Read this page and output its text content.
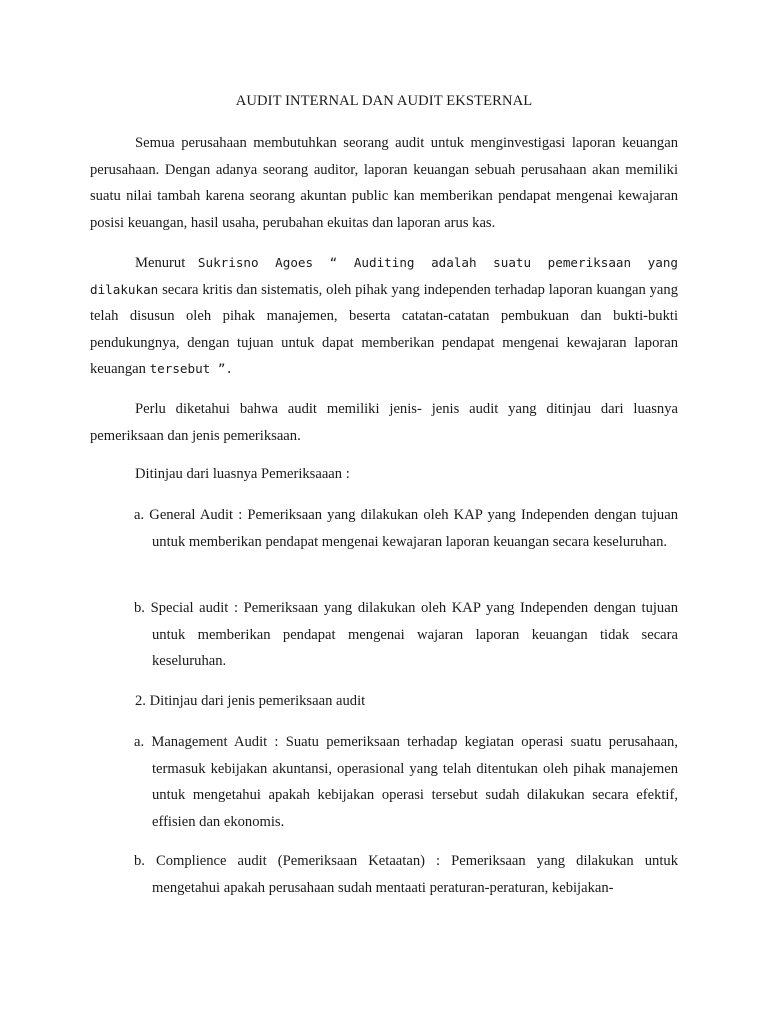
AUDIT INTERNAL DAN AUDIT EKSTERNAL

Semua perusahaan membutuhkan seorang audit untuk menginvestigasi laporan keuangan perusahaan. Dengan adanya seorang auditor, laporan keuangan sebuah perusahaan akan memiliki suatu nilai tambah karena seorang akuntan public kan memberikan pendapat mengenai kewajaran posisi keuangan, hasil usaha, perubahan ekuitas dan laporan arus kas.

Menurut Sukrisno Agoes “ Auditing adalah suatu pemeriksaan yang dilakukan secara kritis dan sistematis, oleh pihak yang independen terhadap laporan kuangan yang telah disusun oleh pihak manajemen, beserta catatan-catatan pembukuan dan bukti-bukti pendukungnya, dengan tujuan untuk dapat memberikan pendapat mengenai kewajaran laporan keuangan tersebut ”.

Perlu diketahui bahwa audit memiliki jenis- jenis audit yang ditinjau dari luasnya pemeriksaan dan jenis pemeriksaan.

Ditinjau dari luasnya Pemeriksaaan :

a. General Audit : Pemeriksaan yang dilakukan oleh KAP yang Independen dengan tujuan untuk memberikan pendapat mengenai kewajaran laporan keuangan secara keseluruhan.

b. Special audit : Pemeriksaan yang dilakukan oleh KAP yang Independen dengan tujuan untuk memberikan pendapat mengenai wajaran laporan keuangan tidak secara keseluruhan.

2. Ditinjau dari jenis pemeriksaan audit

a. Management Audit : Suatu pemeriksaan terhadap kegiatan operasi suatu perusahaan, termasuk kebijakan akuntansi, operasional yang telah ditentukan oleh pihak manajemen untuk mengetahui apakah kebijakan operasi tersebut sudah dilakukan secara efektif, effisien dan ekonomis.

b. Complience audit (Pemeriksaan Ketaatan) : Pemeriksaan yang dilakukan untuk mengetahui apakah perusahaan sudah mentaati peraturan-peraturan, kebijakan-
